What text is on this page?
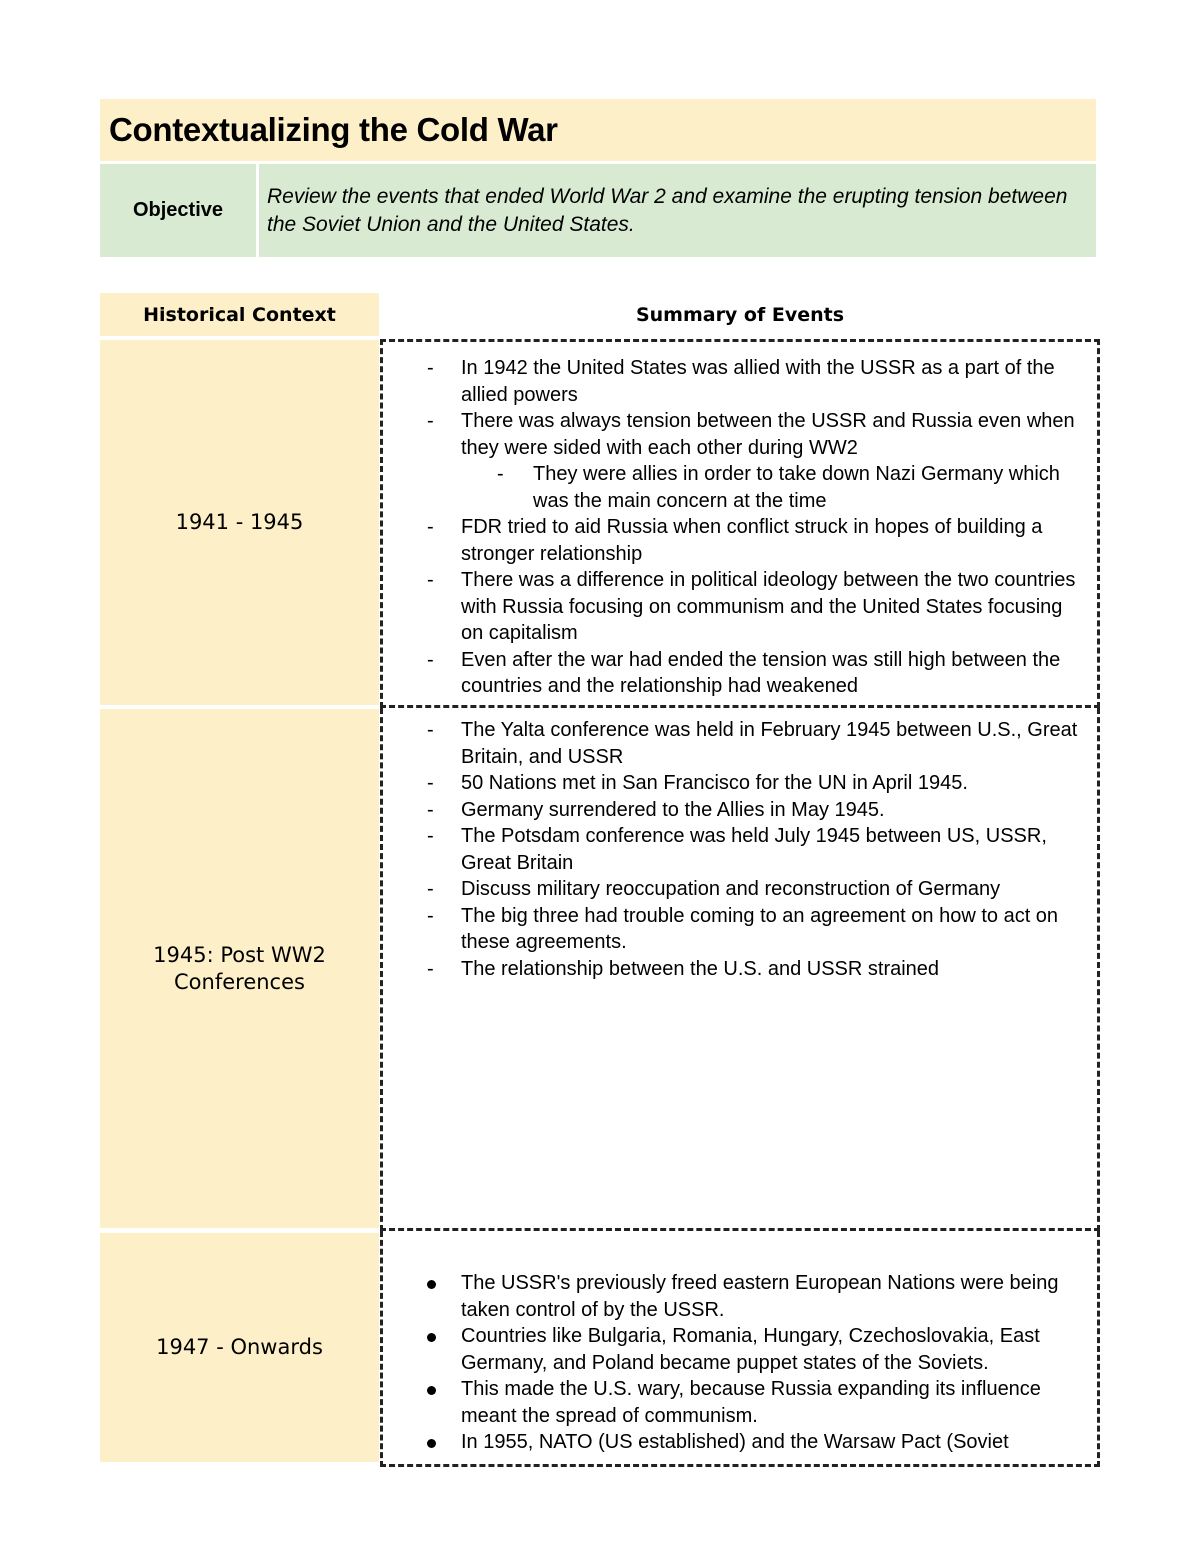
Contextualizing the Cold War
Objective
Review the events that ended World War 2 and examine the erupting tension between the Soviet Union and the United States.
Historical Context	Summary of Events
1941 - 1945
- In 1942 the United States was allied with the USSR as a part of the allied powers
- There was always tension between the USSR and Russia even when they were sided with each other during WW2
- They were allies in order to take down Nazi Germany which was the main concern at the time
- FDR tried to aid Russia when conflict struck in hopes of building a stronger relationship
- There was a difference in political ideology between the two countries with Russia focusing on communism and the United States focusing on capitalism
- Even after the war had ended the tension was still high between the countries and the relationship had weakened
1945: Post WW2 Conferences
- The Yalta conference was held in February 1945 between U.S., Great Britain, and USSR
- 50 Nations met in San Francisco for the UN in April 1945.
- Germany surrendered to the Allies in May 1945.
- The Potsdam conference was held July 1945 between US, USSR, Great Britain
- Discuss military reoccupation and reconstruction of Germany
- The big three had trouble coming to an agreement on how to act on these agreements.
- The relationship between the U.S. and USSR strained
1947 - Onwards
The USSR's previously freed eastern European Nations were being taken control of by the USSR.
Countries like Bulgaria, Romania, Hungary, Czechoslovakia, East Germany, and Poland became puppet states of the Soviets.
This made the U.S. wary, because Russia expanding its influence meant the spread of communism.
In 1955, NATO (US established) and the Warsaw Pact (Soviet
